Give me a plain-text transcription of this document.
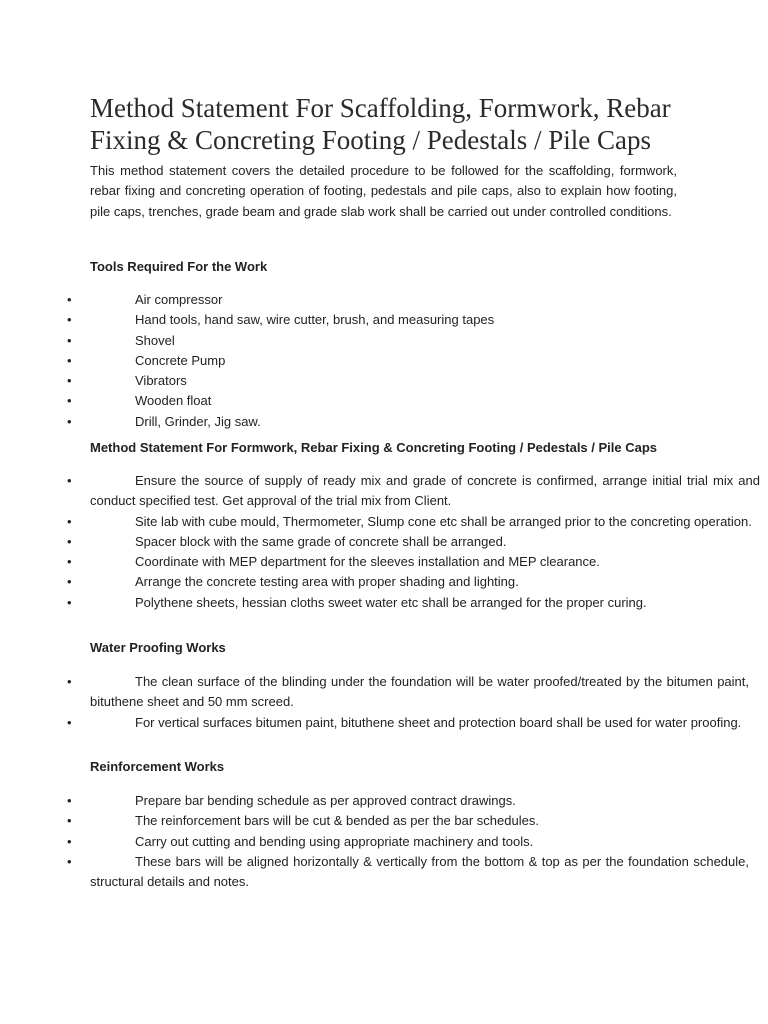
Method Statement For Scaffolding, Formwork, Rebar Fixing & Concreting Footing / Pedestals / Pile Caps

This method statement covers the detailed procedure to be followed for the scaffolding, formwork, rebar fixing and concreting operation of footing, pedestals and pile caps, also to explain how footing, pile caps, trenches, grade beam and grade slab work shall be carried out under controlled conditions.

Tools Required For the Work

•	Air compressor
•	Hand tools, hand saw, wire cutter, brush, and measuring tapes
•	Shovel
•	Concrete Pump
•	Vibrators
•	Wooden float
•	Drill, Grinder, Jig saw.

Method Statement For Formwork, Rebar Fixing & Concreting Footing / Pedestals / Pile Caps

•	Ensure the source of supply of ready mix and grade of concrete is confirmed, arrange initial trial mix and conduct specified test. Get approval of the trial mix from Client.
•	Site lab with cube mould, Thermometer, Slump cone etc shall be arranged prior to the concreting operation.
•	Spacer block with the same grade of concrete shall be arranged.
•	Coordinate with MEP department for the sleeves installation and MEP clearance.
•	Arrange the concrete testing area with proper shading and lighting.
•	Polythene sheets, hessian cloths sweet water etc shall be arranged for the proper curing.

Water Proofing Works

•	The clean surface of the blinding under the foundation will be water proofed/treated by the bitumen paint, bituthene sheet and 50 mm screed.
•	For vertical surfaces bitumen paint, bituthene sheet and protection board shall be used for water proofing.

Reinforcement Works

•	Prepare bar bending schedule as per approved contract drawings.
•	The reinforcement bars will be cut & bended as per the bar schedules.
•	Carry out cutting and bending using appropriate machinery and tools.
•	These bars will be aligned horizontally & vertically from the bottom & top as per the foundation schedule, structural details and notes.
